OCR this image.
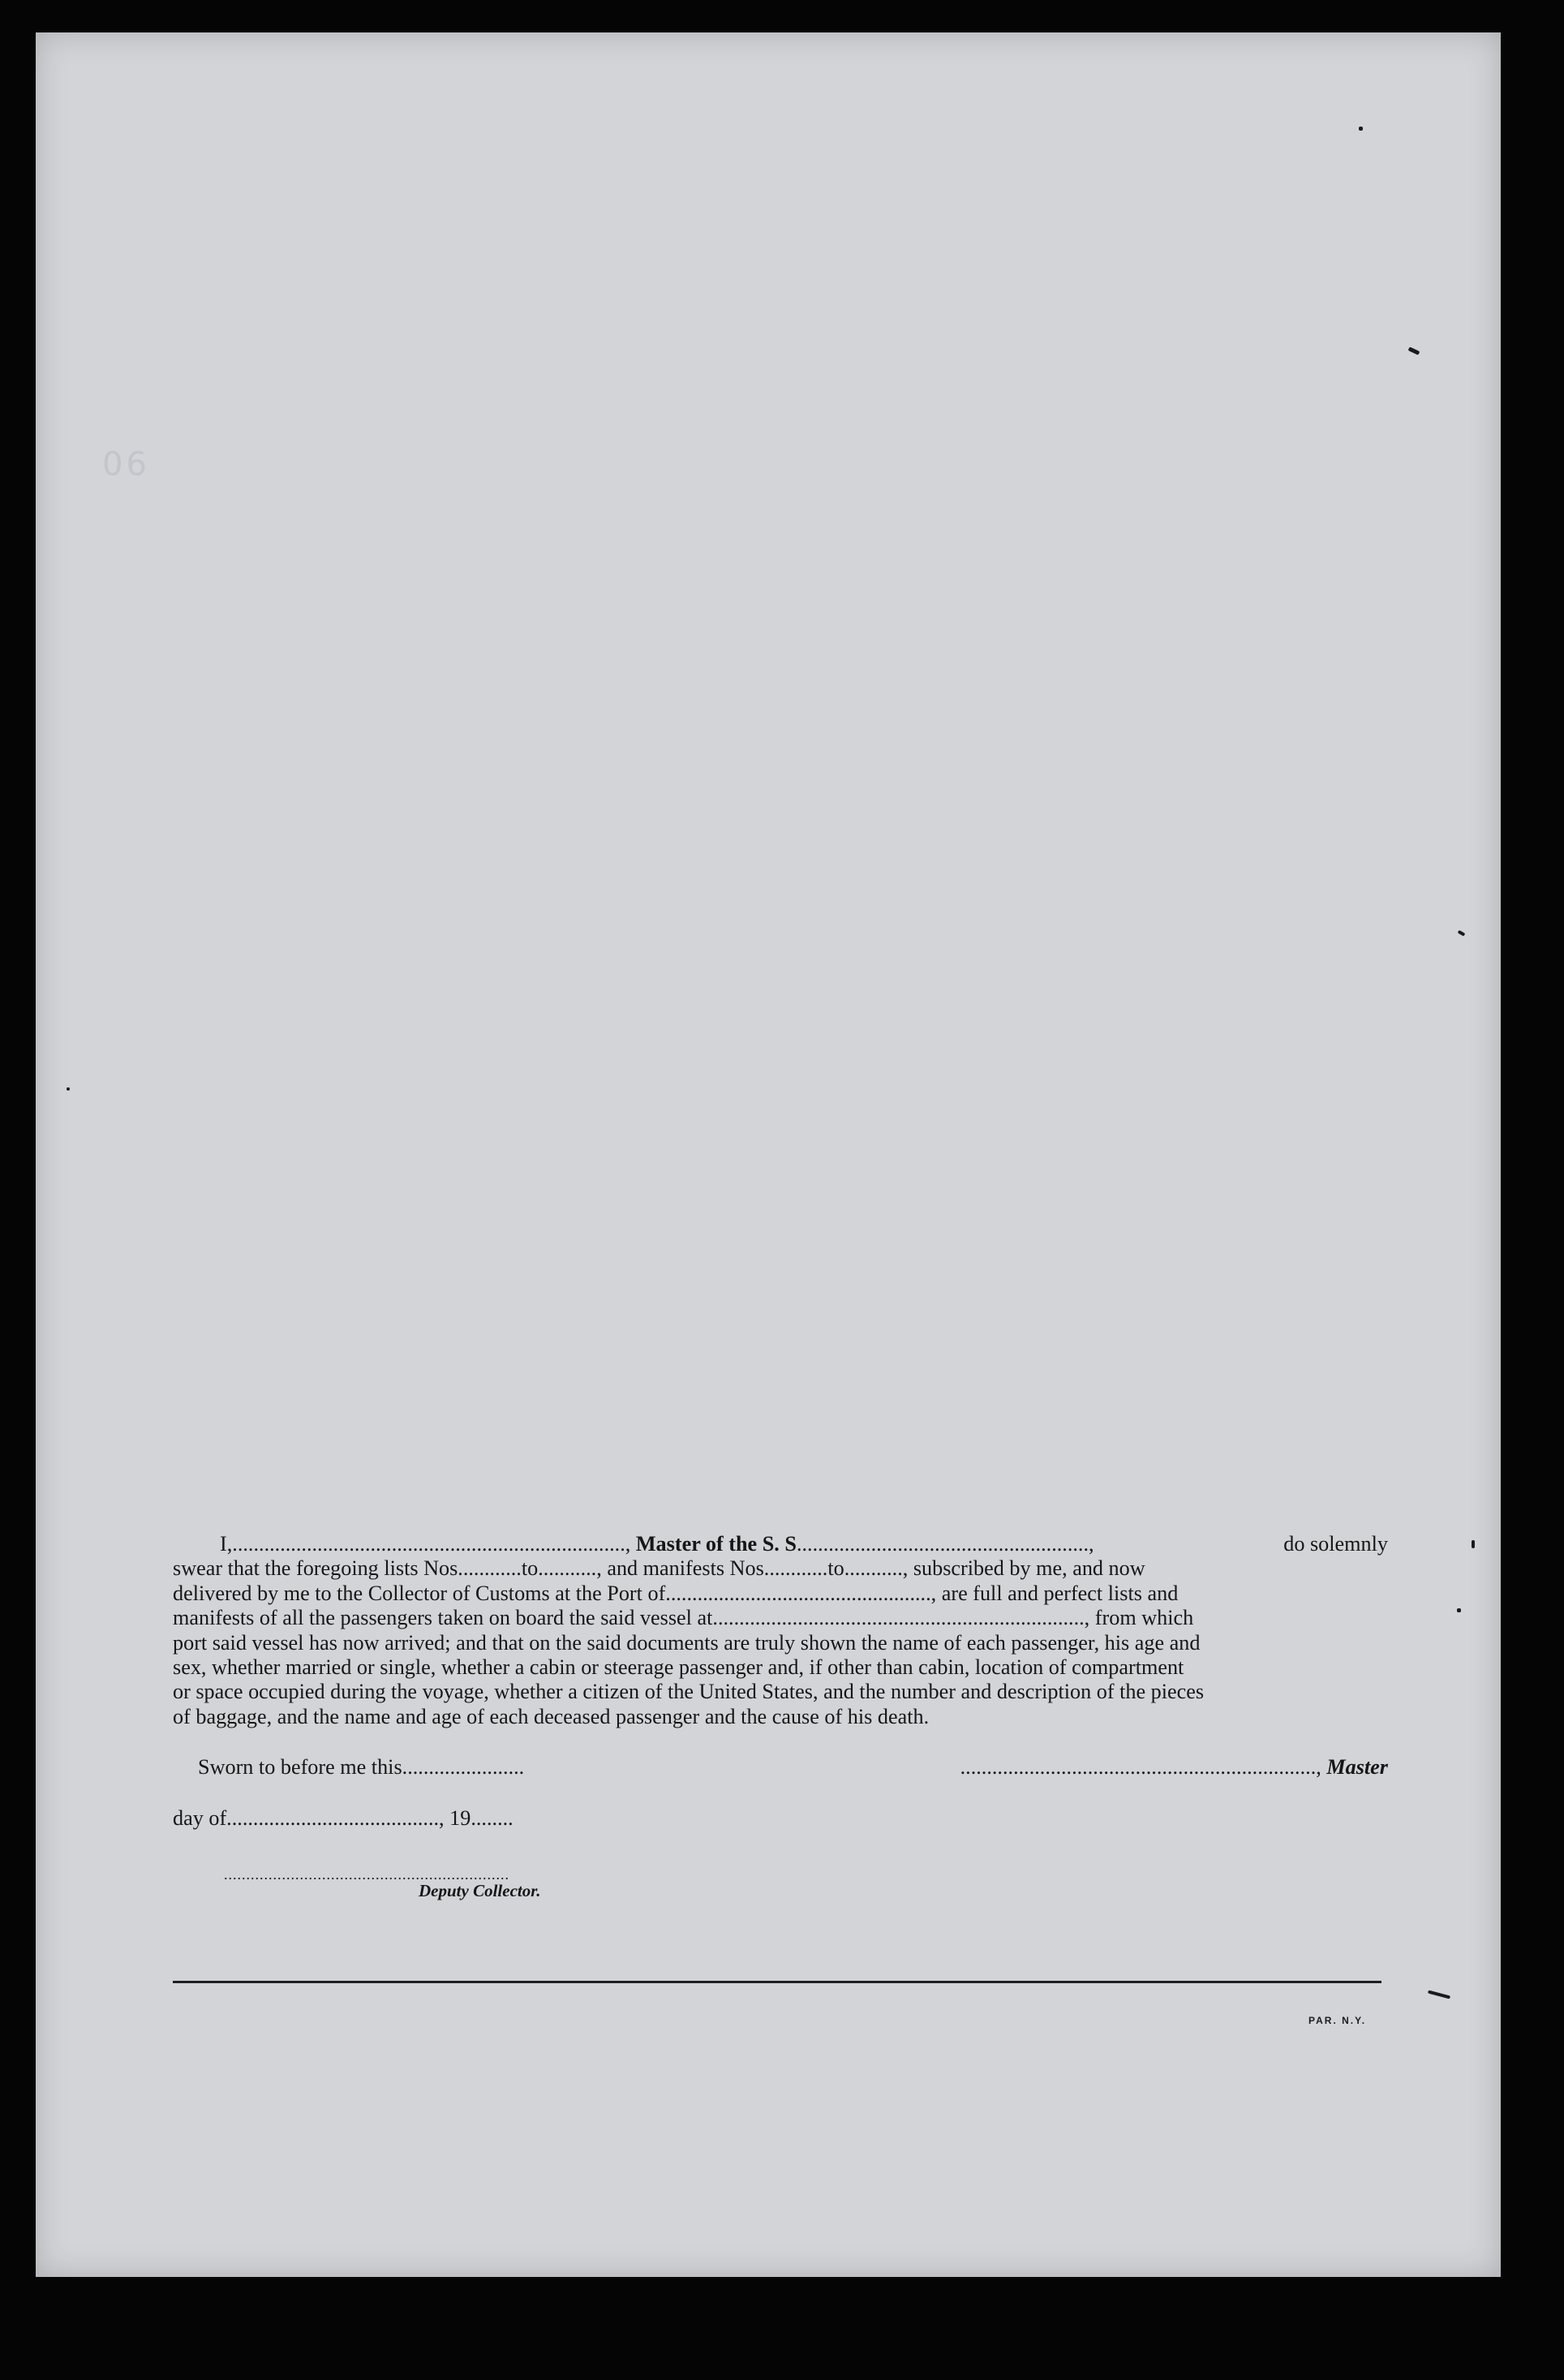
90
I,.........................................................................., Master of the S. S.......................................................,	do solemnly
swear that the foregoing lists Nos............to..........., and manifests Nos............to..........., subscribed by me, and now
delivered by me to the Collector of Customs at the Port of.................................................., are full and perfect lists and
manifests of all the passengers taken on board the said vessel at......................................................................, from which
port said vessel has now arrived; and that on the said documents are truly shown the name of each passenger, his age and
sex, whether married or single, whether a cabin or steerage passenger and, if other than cabin, location of compartment
or space occupied during the voyage, whether a citizen of the United States, and the number and description of the pieces
of baggage, and the name and age of each deceased passenger and the cause of his death.
Sworn to before me this.......................	..................................................................., Master
day of........................................, 19........
................................................................
Deputy Collector.
PAR. N.Y.
